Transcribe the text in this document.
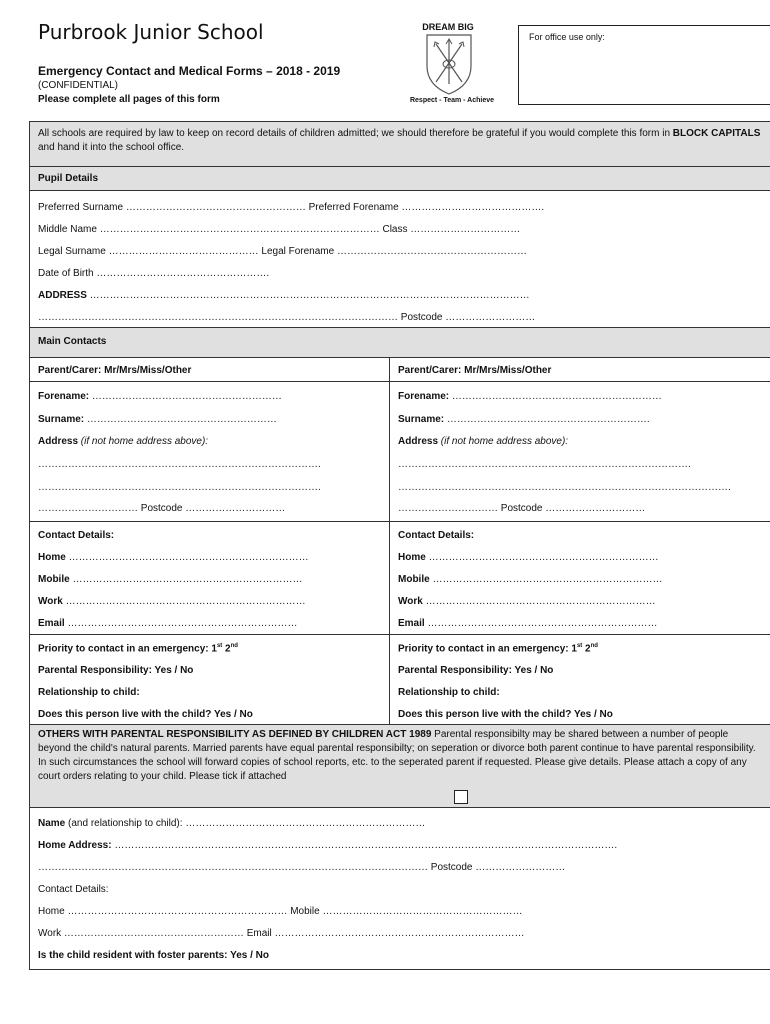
Purbrook Junior School
Emergency Contact and Medical Forms – 2018 - 2019
(CONFIDENTIAL)
Please complete all pages of this form
DREAM BIG
Respect - Team - Achieve
For office use only:
All schools are required by law to keep on record details of children admitted; we should therefore be grateful if you would complete this form in BLOCK CAPITALS and hand it into the school office.
Pupil Details
Preferred Surname ……………………………………………… Preferred Forename …………………………………….
Middle Name ………………………………………………………………………… Class ……………………………
Legal Surname ……………………………………… Legal Forename …………………………………………………
Date of Birth …………………………………………….
ADDRESS ……………………………………………………………………………………………………………………
……………………………………………………………………………………………… Postcode ………………………
Main Contacts
Parent/Carer: Mr/Mrs/Miss/Other	Parent/Carer: Mr/Mrs/Miss/Other
Forename: …………………………………………………
Surname: …………………………………………………
Address (if not home address above):
………………………………………………………………………….
………………………………………………………………………….
………………………… Postcode …………………………
Forename: ………………………………………………………
Surname: …………………………………………………….
Address (if not home address above):
…………………………………………………………………………….
……………………………………………………………………………………….
………………………… Postcode …………………………
Contact Details:
Home ………………………………………………………………
Mobile ……………………………………………………………
Work ………………………………………………………………
Email ……………………………………………………………
Contact Details:
Home ……………………………………………………………
Mobile ……………………………………………………………
Work ……………………………………………………………
Email ……………………………………………………………
Priority to contact in an emergency: 1st 2nd
Parental Responsibility: Yes / No
Relationship to child:
Does this person live with the child? Yes / No
Priority to contact in an emergency: 1st 2nd
Parental Responsibility: Yes / No
Relationship to child:
Does this person live with the child? Yes / No
OTHERS WITH PARENTAL RESPONSIBILITY AS DEFINED BY CHILDREN ACT 1989 Parental responsibilty may be shared between a number of people beyond the child's natural parents. Married parents have equal parental responsibilty; on seperation or divorce both parent continue to have parental responsibility. In such circumstances the school will forward copies of school reports, etc. to the seperated parent if requested. Please give details. Please attach a copy of any court orders relating to your child. Please tick if attached
Name (and relationship to child): ………………………………………………………………
Home Address: …………………………………………………………………………………………………………………………………….
……………………………………………………………………………………………………… Postcode ………………………
Contact Details:
Home ………………………………………………………… Mobile ……………………………………………………
Work ……………………………………………… Email …………………………………………………………………
Is the child resident with foster parents: Yes / No
